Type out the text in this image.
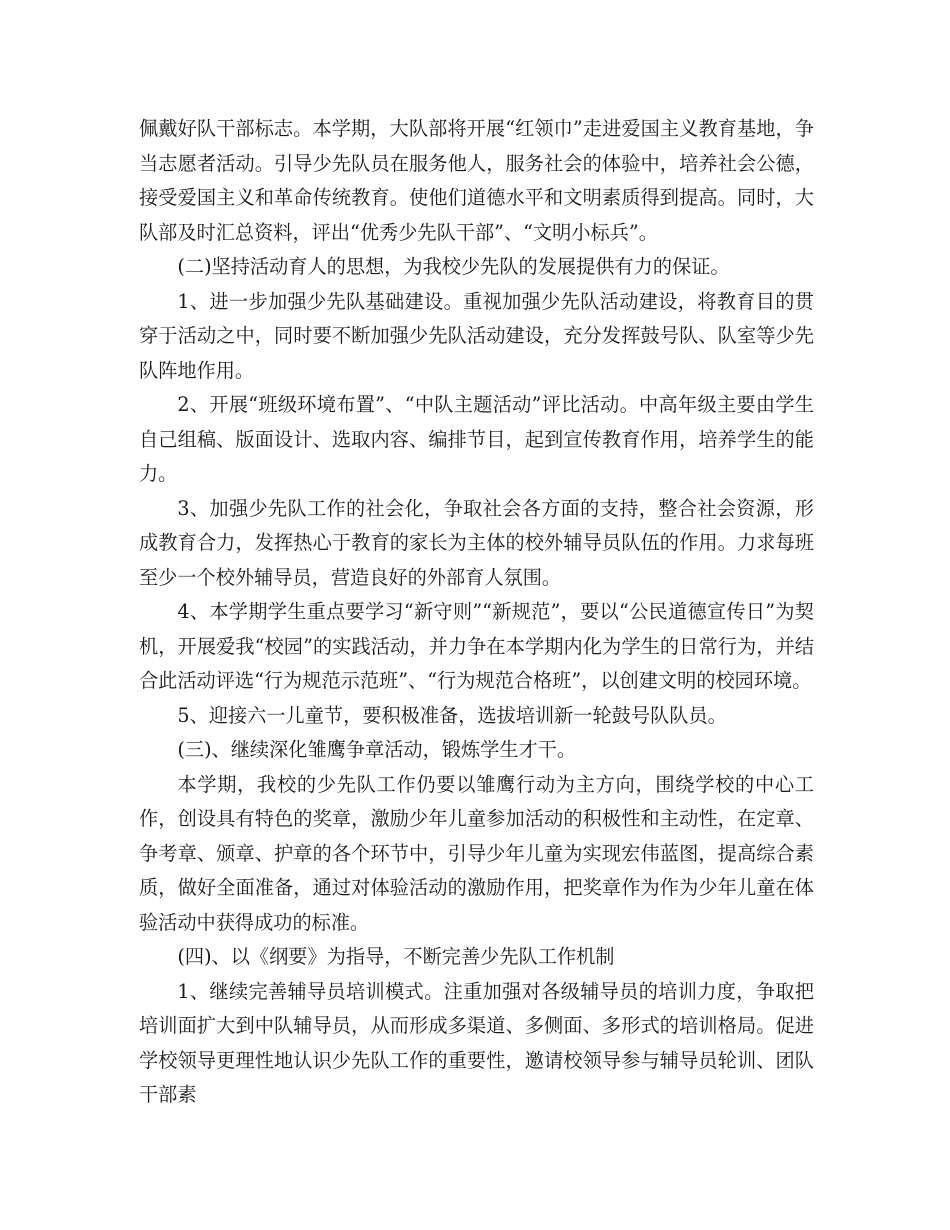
佩戴好队干部标志。本学期，大队部将开展“红领巾”走进爱国主义教育基地，争当志愿者活动。引导少先队员在服务他人，服务社会的体验中，培养社会公德，接受爱国主义和革命传统教育。使他们道德水平和文明素质得到提高。同时，大队部及时汇总资料，评出“优秀少先队干部”、“文明小标兵”。

(二)坚持活动育人的思想，为我校少先队的发展提供有力的保证。

1、进一步加强少先队基础建设。重视加强少先队活动建设，将教育目的贯穿于活动之中，同时要不断加强少先队活动建设，充分发挥鼓号队、队室等少先队阵地作用。

2、开展“班级环境布置”、“中队主题活动”评比活动。中高年级主要由学生自己组稿、版面设计、选取内容、编排节目，起到宣传教育作用，培养学生的能力。

3、加强少先队工作的社会化，争取社会各方面的支持，整合社会资源，形成教育合力，发挥热心于教育的家长为主体的校外辅导员队伍的作用。力求每班至少一个校外辅导员，营造良好的外部育人氛围。

4、本学期学生重点要学习“新守则”“新规范”，要以“公民道德宣传日”为契机，开展爱我“校园”的实践活动，并力争在本学期内化为学生的日常行为，并结合此活动评选“行为规范示范班”、“行为规范合格班”，以创建文明的校园环境。

5、迎接六一儿童节，要积极准备，选拔培训新一轮鼓号队队员。

(三)、继续深化雏鹰争章活动，锻炼学生才干。

本学期，我校的少先队工作仍要以雏鹰行动为主方向，围绕学校的中心工作，创设具有特色的奖章，激励少年儿童参加活动的积极性和主动性，在定章、争考章、颁章、护章的各个环节中，引导少年儿童为实现宏伟蓝图，提高综合素质，做好全面准备，通过对体验活动的激励作用，把奖章作为作为少年儿童在体验活动中获得成功的标准。

(四)、以《纲要》为指导，不断完善少先队工作机制

1、继续完善辅导员培训模式。注重加强对各级辅导员的培训力度，争取把培训面扩大到中队辅导员，从而形成多渠道、多侧面、多形式的培训格局。促进学校领导更理性地认识少先队工作的重要性，邀请校领导参与辅导员轮训、团队干部素
